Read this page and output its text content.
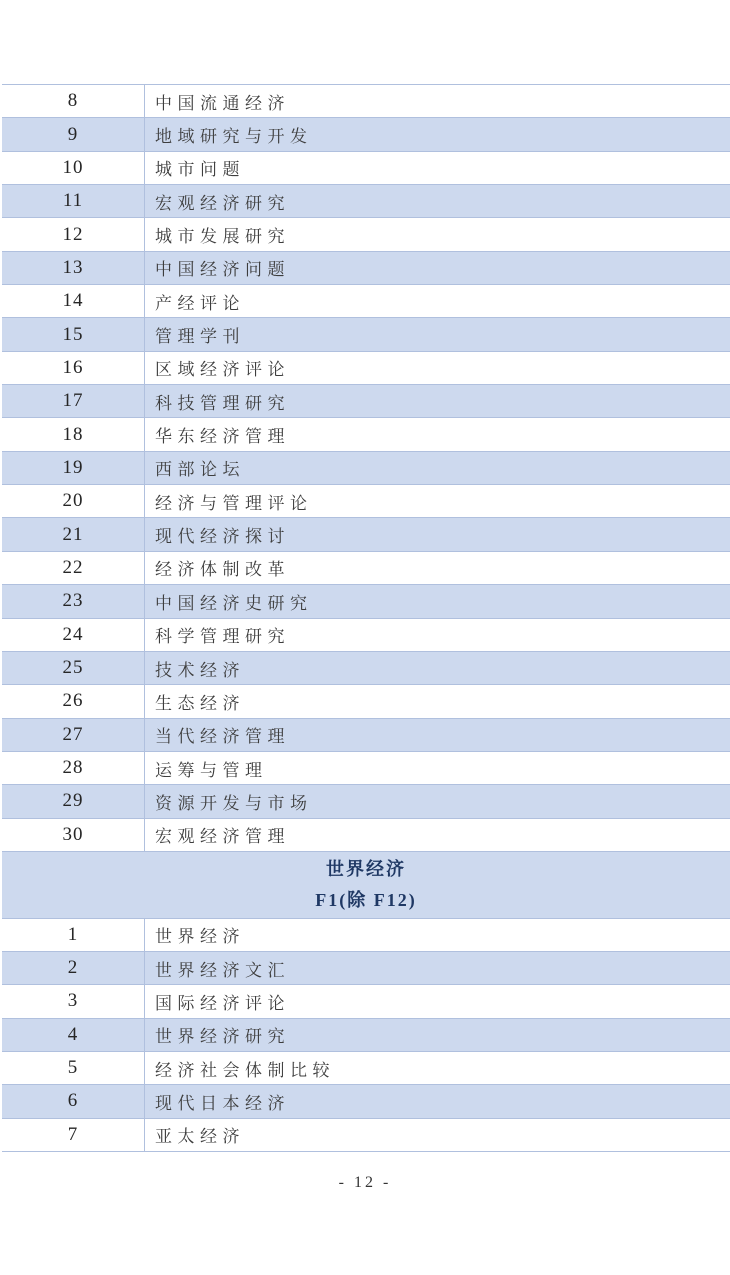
8	中国流通经济
9	地域研究与开发
10	城市问题
11	宏观经济研究
12	城市发展研究
13	中国经济问题
14	产经评论
15	管理学刊
16	区域经济评论
17	科技管理研究
18	华东经济管理
19	西部论坛
20	经济与管理评论
21	现代经济探讨
22	经济体制改革
23	中国经济史研究
24	科学管理研究
25	技术经济
26	生态经济
27	当代经济管理
28	运筹与管理
29	资源开发与市场
30	宏观经济管理
世界经济
F1(除 F12)
1	世界经济
2	世界经济文汇
3	国际经济评论
4	世界经济研究
5	经济社会体制比较
6	现代日本经济
7	亚太经济
- 12 -
